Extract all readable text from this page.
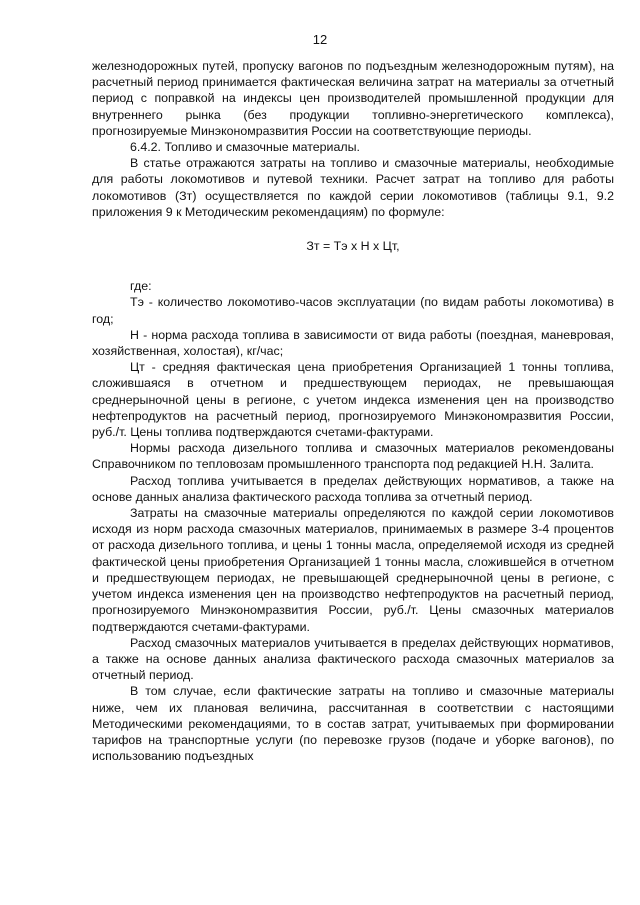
12

железнодорожных путей, пропуску вагонов по подъездным железнодорожным путям), на расчетный период принимается фактическая величина затрат на материалы за отчетный период с поправкой на индексы цен производителей промышленной продукции для внутреннего рынка (без продукции топливно-энергетического комплекса), прогнозируемые Минэкономразвития России на соответствующие периоды.

6.4.2. Топливо и смазочные материалы.

В статье отражаются затраты на топливо и смазочные материалы, необходимые для работы локомотивов и путевой техники. Расчет затрат на топливо для работы локомотивов (Зт) осуществляется по каждой серии локомотивов (таблицы 9.1, 9.2 приложения 9 к Методическим рекомендациям) по формуле:

Зт = Тэ х Н х Цт,

где:

Тэ - количество локомотиво-часов эксплуатации (по видам работы локомотива) в год;

Н - норма расхода топлива в зависимости от вида работы (поездная, маневровая, хозяйственная, холостая), кг/час;

Цт - средняя фактическая цена приобретения Организацией 1 тонны топлива, сложившаяся в отчетном и предшествующем периодах, не превышающая среднерыночной цены в регионе, с учетом индекса изменения цен на производство нефтепродуктов на расчетный период, прогнозируемого Минэкономразвития России, руб./т. Цены топлива подтверждаются счетами-фактурами.

Нормы расхода дизельного топлива и смазочных материалов рекомендованы Справочником по тепловозам промышленного транспорта под редакцией Н.Н. Залита.

Расход топлива учитывается в пределах действующих нормативов, а также на основе данных анализа фактического расхода топлива за отчетный период.

Затраты на смазочные материалы определяются по каждой серии локомотивов исходя из норм расхода смазочных материалов, принимаемых в размере 3-4 процентов от расхода дизельного топлива, и цены 1 тонны масла, определяемой исходя из средней фактической цены приобретения Организацией 1 тонны масла, сложившейся в отчетном и предшествующем периодах, не превышающей среднерыночной цены в регионе, с учетом индекса изменения цен на производство нефтепродуктов на расчетный период, прогнозируемого Минэкономразвития России, руб./т. Цены смазочных материалов подтверждаются счетами-фактурами.

Расход смазочных материалов учитывается в пределах действующих нормативов, а также на основе данных анализа фактического расхода смазочных материалов за отчетный период.

В том случае, если фактические затраты на топливо и смазочные материалы ниже, чем их плановая величина, рассчитанная в соответствии с настоящими Методическими рекомендациями, то в состав затрат, учитываемых при формировании тарифов на транспортные услуги (по перевозке грузов (подаче и уборке вагонов), по использованию подъездных
